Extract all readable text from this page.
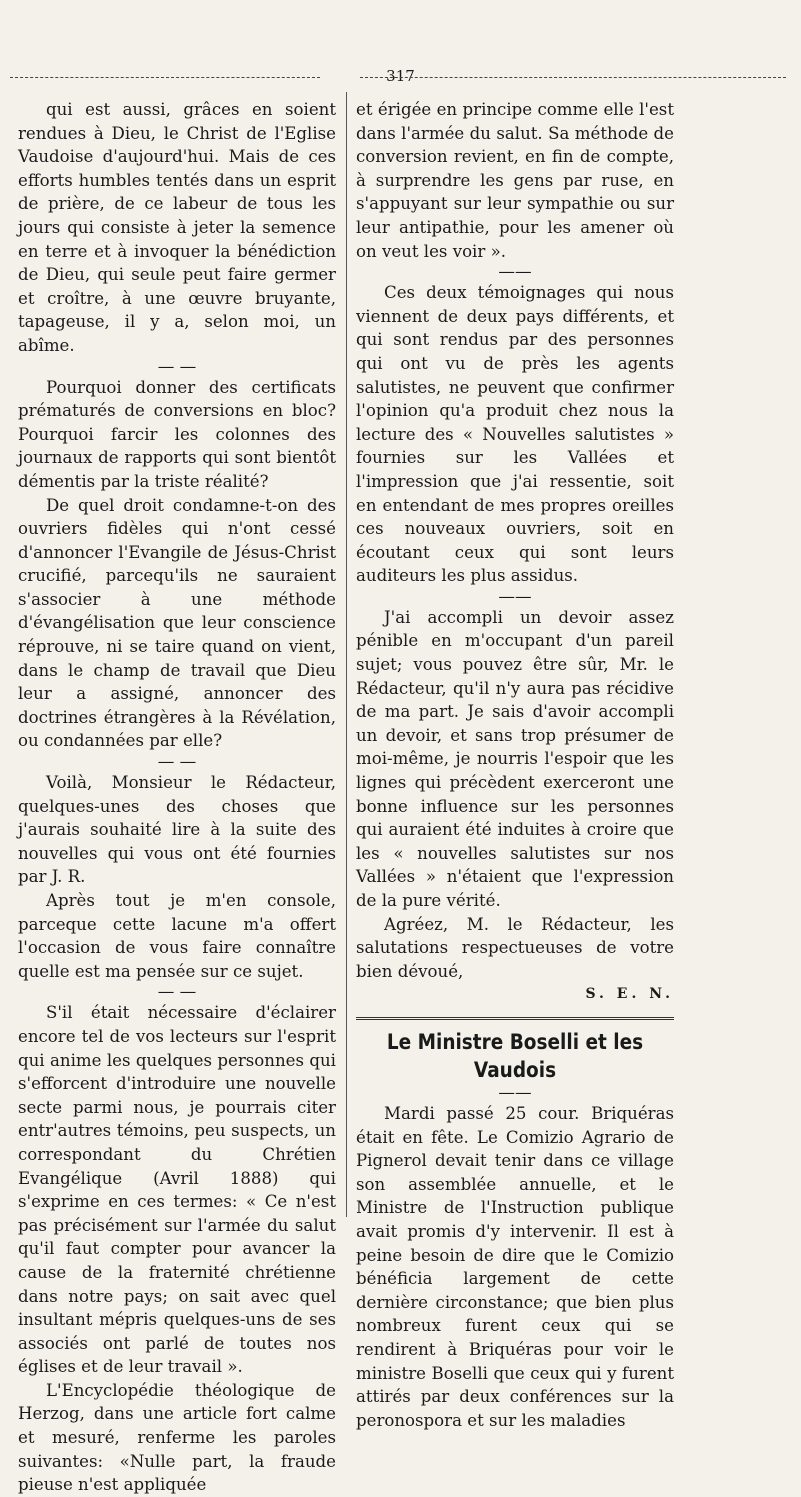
317

qui est aussi, grâces en soient rendues à Dieu, le Christ de l'Eglise Vaudoise d'aujourd'hui. Mais de ces efforts humbles tentés dans un esprit de prière, de ce labeur de tous les jours qui consiste à jeter la semence en terre et à invoquer la bénédiction de Dieu, qui seule peut faire germer et croître, à une œuvre bruyante, tapageuse, il y a, selon moi, un abîme.

— —

Pourquoi donner des certificats prématurés de conversions en bloc? Pourquoi farcir les colonnes des journaux de rapports qui sont bientôt démentis par la triste réalité?

De quel droit condamne-t-on des ouvriers fidèles qui n'ont cessé d'annoncer l'Evangile de Jésus-Christ crucifié, parcequ'ils ne sauraient s'associer à une méthode d'évangélisation que leur conscience réprouve, ni se taire quand on vient, dans le champ de travail que Dieu leur a assigné, annoncer des doctrines étrangères à la Révélation, ou condannées par elle?

— —

Voilà, Monsieur le Rédacteur, quelques-unes des choses que j'aurais souhaité lire à la suite des nouvelles qui vous ont été fournies par J. R.

Après tout je m'en console, parceque cette lacune m'a offert l'occasion de vous faire connaître quelle est ma pensée sur ce sujet.

— —

S'il était nécessaire d'éclairer encore tel de vos lecteurs sur l'esprit qui anime les quelques personnes qui s'efforcent d'introduire une nouvelle secte parmi nous, je pourrais citer entr'autres témoins, peu suspects, un correspondant du Chrétien Evangélique (Avril 1888) qui s'exprime en ces termes: « Ce n'est pas précisément sur l'armée du salut qu'il faut compter pour avancer la cause de la fraternité chrétienne dans notre pays; on sait avec quel insultant mépris quelques-uns de ses associés ont parlé de toutes nos églises et de leur travail ».

L'Encyclopédie théologique de Herzog, dans une article fort calme et mesuré, renferme les paroles suivantes: «Nulle part, la fraude pieuse n'est appliquée

et érigée en principe comme elle l'est dans l'armée du salut. Sa méthode de conversion revient, en fin de compte, à surprendre les gens par ruse, en s'appuyant sur leur sympathie ou sur leur antipathie, pour les amener où on veut les voir ».

——

Ces deux témoignages qui nous viennent de deux pays différents, et qui sont rendus par des personnes qui ont vu de près les agents salutistes, ne peuvent que confirmer l'opinion qu'a produit chez nous la lecture des « Nouvelles salutistes » fournies sur les Vallées et l'impression que j'ai ressentie, soit en entendant de mes propres oreilles ces nouveaux ouvriers, soit en écoutant ceux qui sont leurs auditeurs les plus assidus.

——

J'ai accompli un devoir assez pénible en m'occupant d'un pareil sujet; vous pouvez être sûr, Mr. le Rédacteur, qu'il n'y aura pas récidive de ma part. Je sais d'avoir accompli un devoir, et sans trop présumer de moi-même, je nourris l'espoir que les lignes qui précèdent exerceront une bonne influence sur les personnes qui auraient été induites à croire que les « nouvelles salutistes sur nos Vallées » n'étaient que l'expression de la pure vérité.

Agréez, M. le Rédacteur, les salutations respectueuses de votre bien dévoué,

S. E. N.

Le Ministre Boselli et les Vaudois

——

Mardi passé 25 cour. Briquéras était en fête. Le Comizio Agrario de Pignerol devait tenir dans ce village son assemblée annuelle, et le Ministre de l'Instruction publique avait promis d'y intervenir. Il est à peine besoin de dire que le Comizio bénéficia largement de cette dernière circonstance; que bien plus nombreux furent ceux qui se rendirent à Briquéras pour voir le ministre Boselli que ceux qui y furent attirés par deux conférences sur la peronospora et sur les maladies
